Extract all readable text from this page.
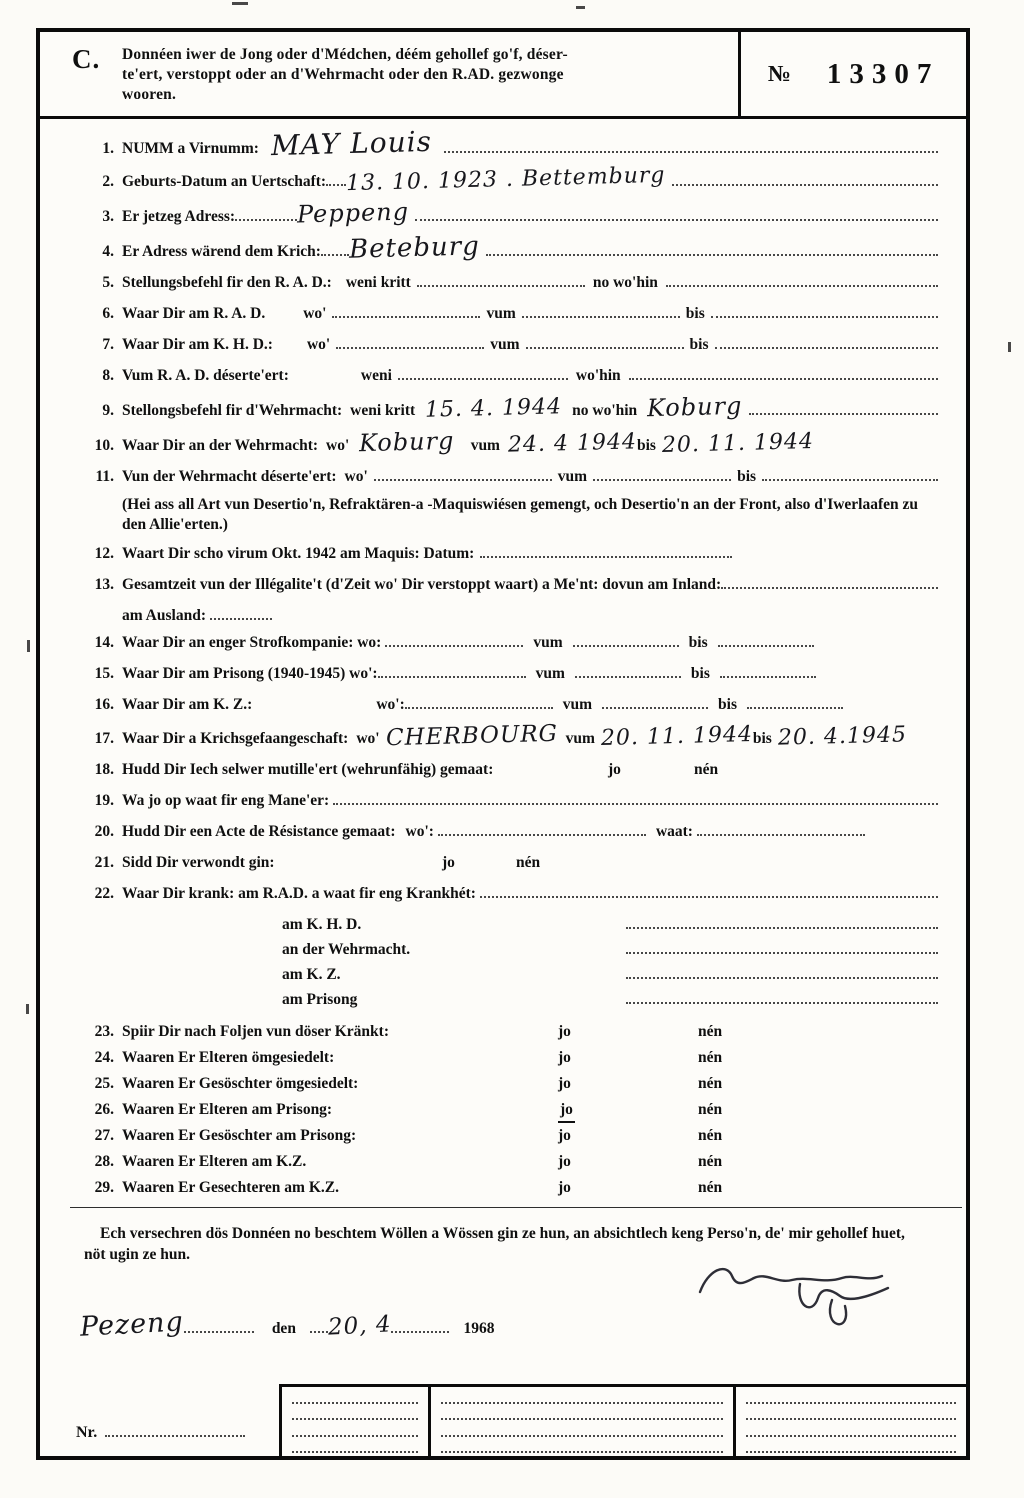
C.	Donnéen iwer de Jong oder d'Médchen, déém gehollef go'f, déser-
te'ert, verstoppt oder an d'Wehrmacht oder den R.AD. gezwonge
wooren.
№ 13307
1. NUMM a Virnumm: MAY Louis
2. Geburts-Datum an Uertschaft: 13. 10. 1923 . Bettemburg
3. Er jetzeg Adress:	Peppeng
4. Er Adress wärend dem Krich: Beteburg
5. Stellungsbefehl fir den R. A. D.: weni kritt	no wo'hin
6. Waar Dir am R. A. D. wo'	vum	bis
7. Waar Dir am K. H. D.: wo'	vum	bis
8. Vum R. A. D. déserte'ert:	weni	wo'hin
9. Stellongsbefehl fir d'Wehrmacht: weni kritt 15. 4. 1944 no wo'hin Koburg
10. Waar Dir an der Wehrmacht: wo' Koburg vum 24. 4 1944 bis 20. 11. 1944
11. Vun der Wehrmacht déserte'ert: wo'	vum	bis
(Hei ass all Art vun Desertio'n, Refraktären-a -Maquiswiésen gemengt, och Desertio'n an der Front, also d'Iwerlaafen zu den Allie'erten.)
12. Waart Dir scho virum Okt. 1942 am Maquis: Datum:
13. Gesamtzeit vun der Illégalite't (d'Zeit wo' Dir verstoppt waart) a Me'nt: dovun am Inland:
am Ausland:
14. Waar Dir an enger Strofkompanie: wo:	vum	bis
15. Waar Dir am Prisong (1940-1945) wo':	vum	bis
16. Waar Dir am K. Z.:	wo':	vum	bis
17. Waar Dir a Krichsgefaangeschaft: wo' CHERBOURG vum 20. 11. 1944 bis 20. 4.1945
18. Hudd Dir Iech selwer mutille'ert (wehrunfähig) gemaat:	jo	nén
19. Wa jo op waat fir eng Mane'er:
20. Hudd Dir een Acte de Résistance gemaat: wo':	waat:
21. Sidd Dir verwondt gin:	jo	nén
22. Waar Dir krank: am R.A.D. a waat fir eng Krankhét:
am K. H. D.
an der Wehrmacht.
am K. Z.
am Prisong
23. Spiir Dir nach Foljen vun döser Kränkt:	jo	nén
24. Waaren Er Elteren ömgesiedelt:	jo	nén
25. Waaren Er Gesöschter ömgesiedelt:	jo	nén
26. Waaren Er Elteren am Prisong:	jo	nén
27. Waaren Er Gesöschter am Prisong:	jo	nén
28. Waaren Er Elteren am K.Z.	jo	nén
29. Waaren Er Gesechteren am K.Z.	jo	nén
Ech versechren dös Donnéen no beschtem Wöllen a Wössen gin ze hun, an absichtlech keng Perso'n, de' mir gehollef huet, nöt ugin ze hun.
Pezeng	den 20, 4	1968
Nr.
